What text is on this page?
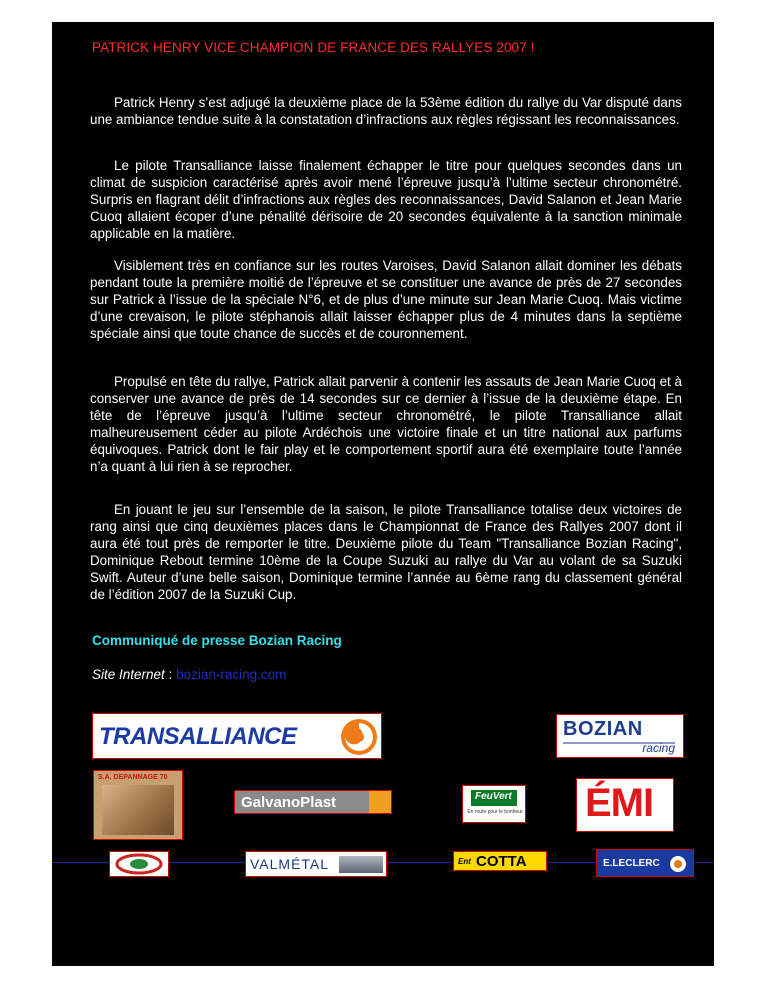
PATRICK HENRY VICE CHAMPION DE FRANCE DES RALLYES 2007 !

Patrick Henry s’est adjugé la deuxième place de la 53ème édition du rallye du Var disputé dans une ambiance tendue suite à la constatation d’infractions aux règles régissant les reconnaissances.

Le pilote Transalliance laisse finalement échapper le titre pour quelques secondes dans un climat de suspicion caractérisé après avoir mené l’épreuve jusqu’à l’ultime secteur chronométré. Surpris en flagrant délit d’infractions aux règles des reconnaissances, David Salanon et Jean Marie Cuoq allaient écoper d’une pénalité dérisoire de 20 secondes équivalente à la sanction minimale applicable en la matière.

Visiblement très en confiance sur les routes Varoises, David Salanon allait dominer les débats pendant toute la première moitié de l’épreuve et se constituer une avance de près de 27 secondes sur Patrick à l’issue de la spéciale N°6, et de plus d’une minute sur Jean Marie Cuoq. Mais victime d’une crevaison, le pilote stéphanois allait laisser échapper plus de 4 minutes dans la septième spéciale ainsi que toute chance de succès et de couronnement.

Propulsé en tête du rallye, Patrick allait parvenir à contenir les assauts de Jean Marie Cuoq et à conserver une avance de près de 14 secondes sur ce dernier à l’issue de la deuxième étape. En tête de l’épreuve jusqu’à l’ultime secteur chronométré, le pilote Transalliance allait malheureusement céder au pilote Ardéchois une victoire finale et un titre national aux parfums équivoques. Patrick dont le fair play et le comportement sportif aura été exemplaire toute l’année n’a quant à lui rien à se reprocher.

En jouant le jeu sur l’ensemble de la saison, le pilote Transalliance totalise deux victoires de rang ainsi que cinq deuxièmes places dans le Championnat de France des Rallyes 2007 dont il aura été tout près de remporter le titre. Deuxième pilote du Team "Transalliance Bozian Racing", Dominique Rebout termine 10ème de la Coupe Suzuki au rallye du Var au volant de sa Suzuki Swift. Auteur d’une belle saison, Dominique termine l’année au 6ème rang du classement général de l’édition 2007 de la Suzuki Cup.

Communiqué de presse Bozian Racing
Site Internet : bozian-racing.com
TRANSALLIANCE	BOZIAN
racing
S.A. DEPANNAGE 70
GalvanoPlast	FeuVert
En route pour le bonheur ÉMI
VALMÉTAL	Ent COTTA	E.LECLERC
